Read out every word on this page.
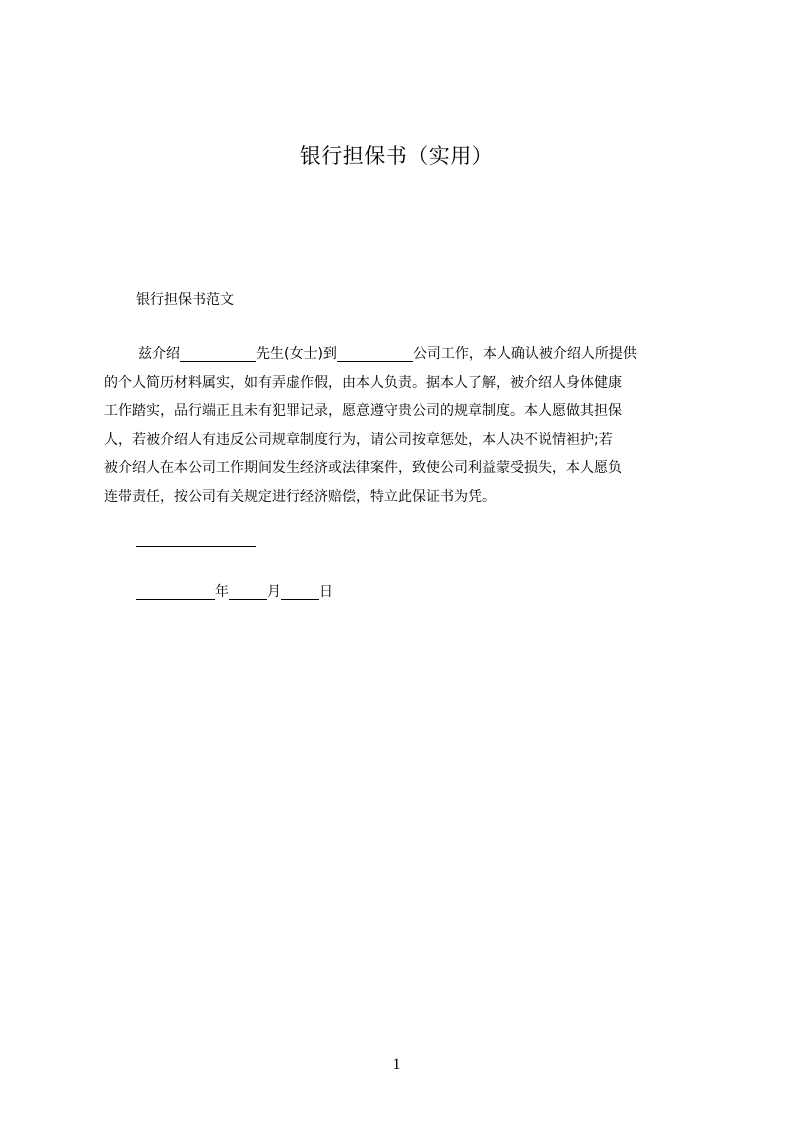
银行担保书（实用）
银行担保书范文
兹介绍	先生(女士)到	公司工作，本人确认被介绍人所提供
的个人简历材料属实，如有弄虚作假，由本人负责。据本人了解，被介绍人身体健康
工作踏实，品行端正且未有犯罪记录，愿意遵守贵公司的规章制度。本人愿做其担保
人，若被介绍人有违反公司规章制度行为，请公司按章惩处，本人决不说情袒护;若
被介绍人在本公司工作期间发生经济或法律案件，致使公司利益蒙受损失，本人愿负
连带责任，按公司有关规定进行经济赔偿，特立此保证书为凭。
年	月	日
1
